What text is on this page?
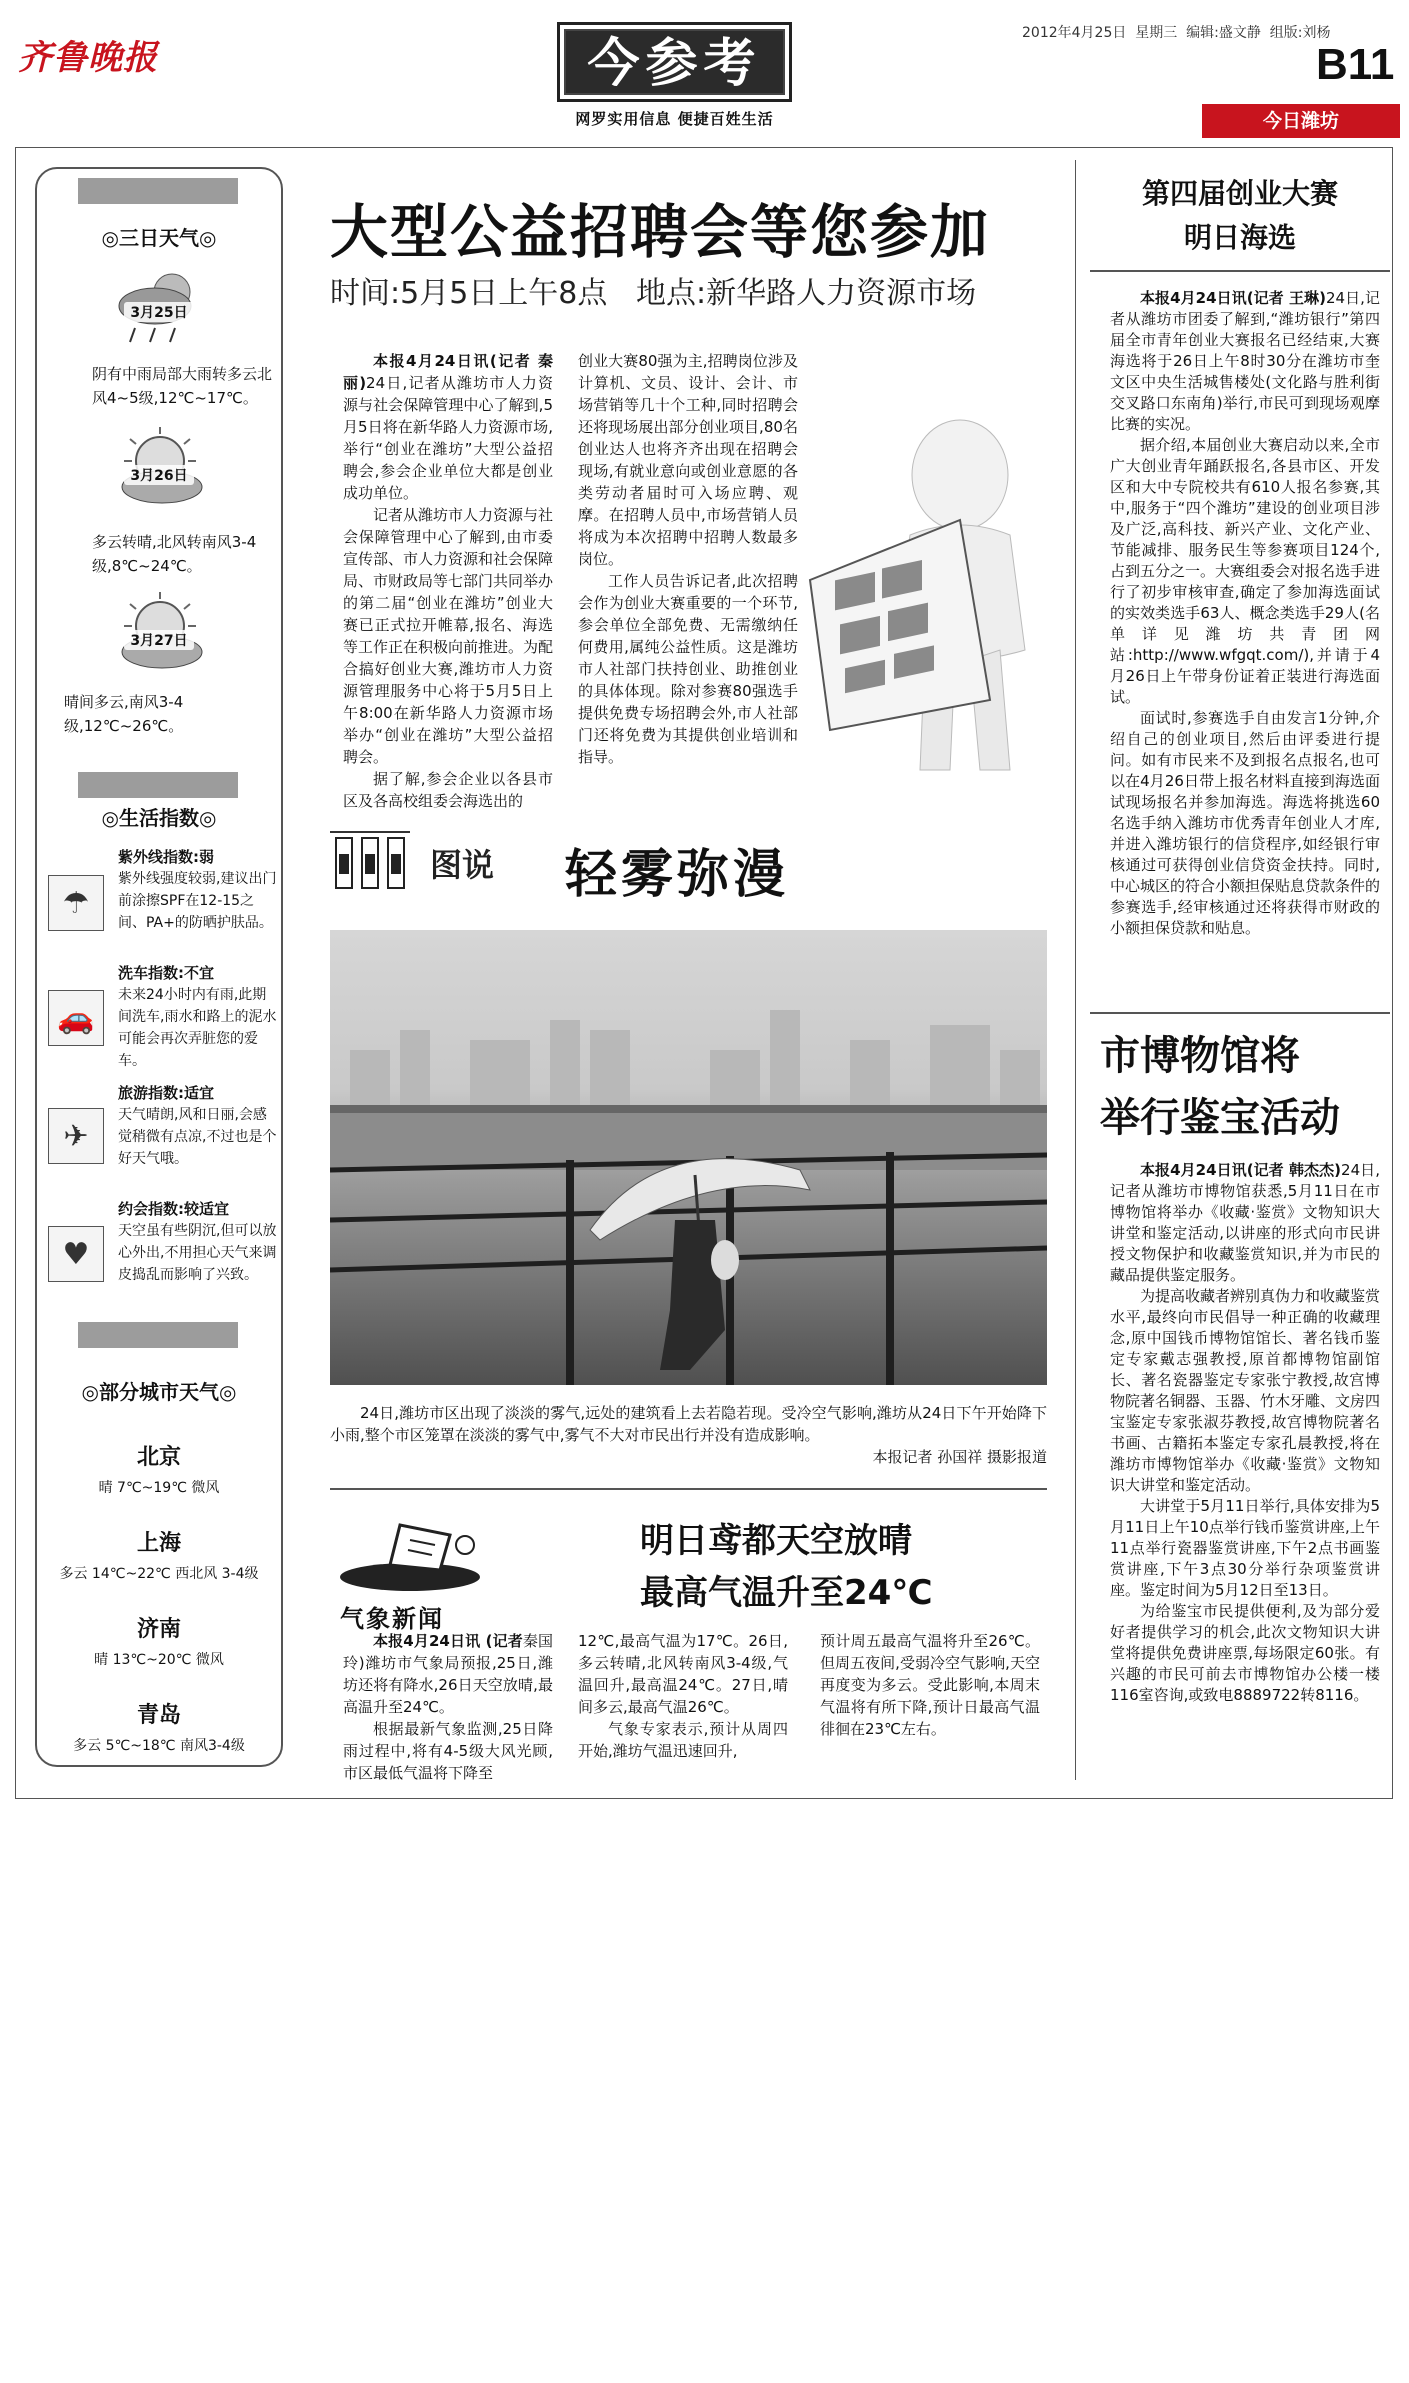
齐鲁晚报	今参考
网罗实用信息 便捷百姓生活
2012年4月25日  星期三  编辑:盛文静  组版:刘杨
B11
今日潍坊
◎三日天气◎
3月25日
阴有中雨局部大雨转多云北风4~5级,12℃~17℃。
3月26日
多云转晴,北风转南风3-4级,8℃~24℃。
3月27日
晴间多云,南风3-4级,12℃~26℃。
◎生活指数◎
☂
紫外线指数:弱
紫外线强度较弱,建议出门前涂擦SPF在12-15之间、PA+的防晒护肤品。
🚗
洗车指数:不宜
未来24小时内有雨,此期间洗车,雨水和路上的泥水可能会再次弄脏您的爱车。
✈
旅游指数:适宜
天气晴朗,风和日丽,会感觉稍微有点凉,不过也是个好天气哦。
♥
约会指数:较适宜
天空虽有些阴沉,但可以放心外出,不用担心天气来调皮捣乱而影响了兴致。
◎部分城市天气◎
北京
晴 7℃~19℃ 微风
上海
多云 14℃~22℃ 西北风 3-4级
济南
晴 13℃~20℃ 微风
青岛
多云 5℃~18℃ 南风3-4级
大型公益招聘会等您参加
时间:5月5日上午8点   地点:新华路人力资源市场

本报4月24日讯(记者 秦丽)24日,记者从潍坊市人力资源与社会保障管理中心了解到,5月5日将在新华路人力资源市场,举行“创业在潍坊”大型公益招聘会,参会企业单位大都是创业成功单位。

记者从潍坊市人力资源与社会保障管理中心了解到,由市委宣传部、市人力资源和社会保障局、市财政局等七部门共同举办的第二届“创业在潍坊”创业大赛已正式拉开帷幕,报名、海选等工作正在积极向前推进。为配合搞好创业大赛,潍坊市人力资源管理服务中心将于5月5日上午8:00在新华路人力资源市场举办“创业在潍坊”大型公益招聘会。

据了解,参会企业以各县市区及各高校组委会海选出的

创业大赛80强为主,招聘岗位涉及计算机、文员、设计、会计、市场营销等几十个工种,同时招聘会还将现场展出部分创业项目,80名创业达人也将齐齐出现在招聘会现场,有就业意向或创业意愿的各类劳动者届时可入场应聘、观摩。在招聘人员中,市场营销人员将成为本次招聘中招聘人数最多岗位。

工作人员告诉记者,此次招聘会作为创业大赛重要的一个环节,参会单位全部免费、无需缴纳任何费用,属纯公益性质。这是潍坊市人社部门扶持创业、助推创业的具体体现。除对参赛80强选手提供免费专场招聘会外,市人社部门还将免费为其提供创业培训和指导。

图说 轻雾弥漫

24日,潍坊市区出现了淡淡的雾气,远处的建筑看上去若隐若现。受冷空气影响,潍坊从24日下午开始降下小雨,整个市区笼罩在淡淡的雾气中,雾气不大对市民出行并没有造成影响。

本报记者 孙国祥 摄影报道

气象新闻
明日鸢都天空放晴
最高气温升至24℃

本报4月24日讯 (记者秦国玲)潍坊市气象局预报,25日,潍坊还将有降水,26日天空放晴,最高温升至24℃。

根据最新气象监测,25日降雨过程中,将有4-5级大风光顾,市区最低气温将下降至

12℃,最高气温为17℃。26日,多云转晴,北风转南风3-4级,气温回升,最高温24℃。27日,晴间多云,最高气温26℃。

气象专家表示,预计从周四开始,潍坊气温迅速回升,

预计周五最高气温将升至26℃。但周五夜间,受弱冷空气影响,天空再度变为多云。受此影响,本周末气温将有所下降,预计日最高气温徘徊在23℃左右。

第四届创业大赛
明日海选

本报4月24日讯(记者 王琳)24日,记者从潍坊市团委了解到,“潍坊银行”第四届全市青年创业大赛报名已经结束,大赛海选将于26日上午8时30分在潍坊市奎文区中央生活城售楼处(文化路与胜利街交叉路口东南角)举行,市民可到现场观摩比赛的实况。

据介绍,本届创业大赛启动以来,全市广大创业青年踊跃报名,各县市区、开发区和大中专院校共有610人报名参赛,其中,服务于“四个潍坊”建设的创业项目涉及广泛,高科技、新兴产业、文化产业、节能减排、服务民生等参赛项目124个,占到五分之一。大赛组委会对报名选手进行了初步审核审查,确定了参加海选面试的实效类选手63人、概念类选手29人(名单详见潍坊共青团网站:http://www.wfgqt.com/),并请于4月26日上午带身份证着正装进行海选面试。

面试时,参赛选手自由发言1分钟,介绍自己的创业项目,然后由评委进行提问。如有市民来不及到报名点报名,也可以在4月26日带上报名材料直接到海选面试现场报名并参加海选。海选将挑选60名选手纳入潍坊市优秀青年创业人才库,并进入潍坊银行的信贷程序,如经银行审核通过可获得创业信贷资金扶持。同时,中心城区的符合小额担保贴息贷款条件的参赛选手,经审核通过还将获得市财政的小额担保贷款和贴息。

市博物馆将
举行鉴宝活动

本报4月24日讯(记者 韩杰杰)24日,记者从潍坊市博物馆获悉,5月11日在市博物馆将举办《收藏·鉴赏》文物知识大讲堂和鉴定活动,以讲座的形式向市民讲授文物保护和收藏鉴赏知识,并为市民的藏品提供鉴定服务。

为提高收藏者辨别真伪力和收藏鉴赏水平,最终向市民倡导一种正确的收藏理念,原中国钱币博物馆馆长、著名钱币鉴定专家戴志强教授,原首都博物馆副馆长、著名瓷器鉴定专家张宁教授,故宫博物院著名铜器、玉器、竹木牙雕、文房四宝鉴定专家张淑芬教授,故宫博物院著名书画、古籍拓本鉴定专家孔晨教授,将在潍坊市博物馆举办《收藏·鉴赏》文物知识大讲堂和鉴定活动。

大讲堂于5月11日举行,具体安排为5月11日上午10点举行钱币鉴赏讲座,上午11点举行瓷器鉴赏讲座,下午2点书画鉴赏讲座,下午3点30分举行杂项鉴赏讲座。鉴定时间为5月12日至13日。

为给鉴宝市民提供便利,及为部分爱好者提供学习的机会,此次文物知识大讲堂将提供免费讲座票,每场限定60张。有兴趣的市民可前去市博物馆办公楼一楼116室咨询,或致电8889722转8116。
